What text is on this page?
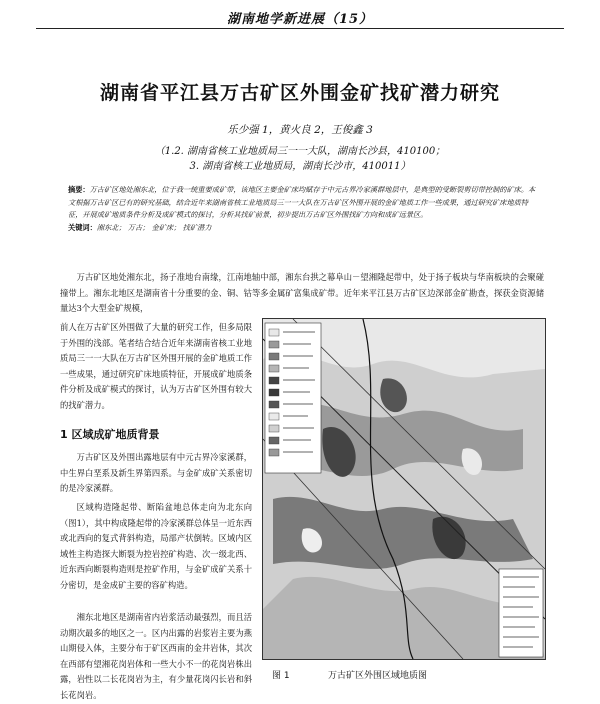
湖南地学新进展（15）
湖南省平江县万古矿区外围金矿找矿潜力研究
乐少强 1，黄火良 2，王俊鑫 3
（1.2. 湖南省核工业地质局三一一大队，湖南长沙县，410100；
3. 湖南省核工业地质局，湖南长沙市，410011）
摘要：万古矿区地处湘东北，位于我一统重要成矿带，该地区主要金矿床均赋存于中元古界冷家溪群地层中，是典型的受断裂剪切带控制的矿床。本文根据万古矿区已有的研究基础，结合近年来湖南省核工业地质局三一一大队在万古矿区外围开展的金矿地质工作一些成果，通过研究矿床地质特征，开展成矿地质条件分析及成矿模式的探讨，分析其找矿前景，初步提出万古矿区外围找矿方向和成矿远景区。
关键词：湘东北； 万古； 金矿床； 找矿潜力
万古矿区地处湘东北，扬子准地台南缘，江南地轴中部，湘东台拱之幕阜山－望湘隆起带中，处于扬子板块与华南板块的会聚碰撞带上。湘东北地区是湖南省十分重要的金、铜、钴等多金属矿富集成矿带。近年来平江县万古矿区边深部金矿勘查，探获金资源储量达3个大型金矿规模，
前人在万古矿区外围做了大量的研究工作，但多局限于外围的浅部。笔者结合结合近年来湖南省核工业地质局三一一大队在万古矿区外围开展的金矿地质工作一些成果，通过研究矿床地质特征，开展成矿地质条件分析及成矿模式的探讨，认为万古矿区外围有较大的找矿潜力。
1 区域成矿地质背景
万古矿区及外围出露地层有中元古界冷家溪群，中生界白垩系及新生界第四系。与金矿成矿关系密切的是冷家溪群。
区域构造隆起带、断陷盆地总体走向为北东向（图1），其中构成隆起带的冷家溪群总体呈一近东西或北西向的复式背斜构造，局部产状倒转。区域内区域性主构造探大断裂为控岩控矿构造、次一级北西、近东西向断裂构造则是控矿作用，与金矿成矿关系十分密切，是金成矿主要的容矿构造。
湘东北地区是湖南省内岩浆活动最强烈，而且活动期次最多的地区之一。区内出露的岩浆岩主要为燕山期侵入体，主要分布于矿区西南的金井岩体，其次在西部有望湘花岗岩体和一些大小不一的花岗岩株出露，岩性以二长花岗岩为主，有少量花岗闪长岩和斜长花岗岩。
图 1	万古矿区外围区域地质图
